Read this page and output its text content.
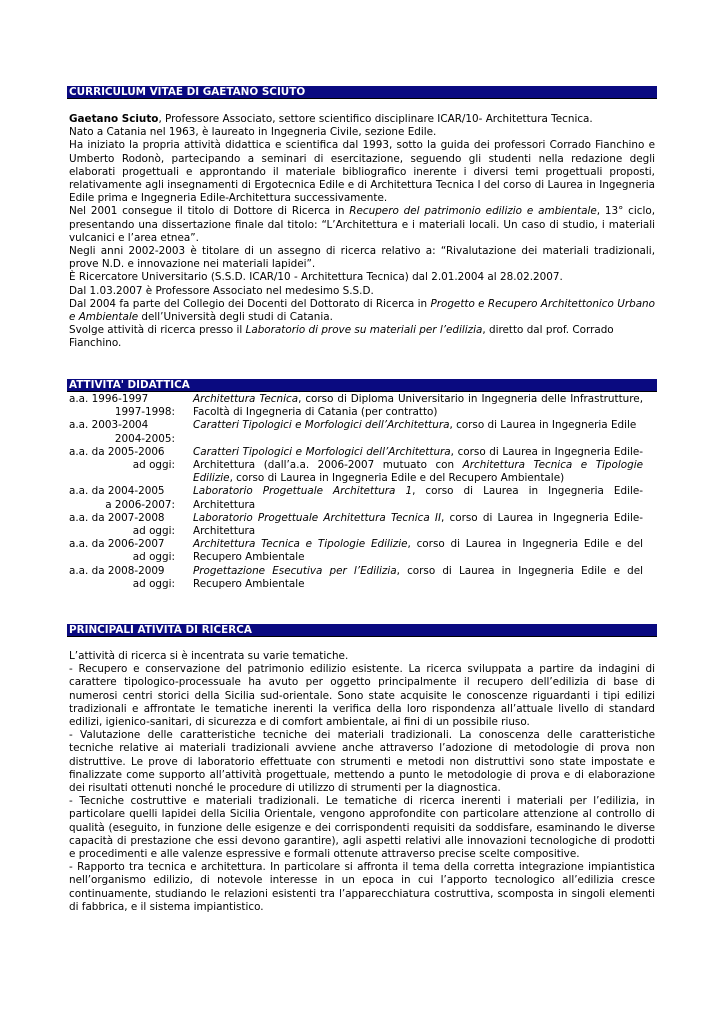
CURRICULUM VITAE DI GAETANO SCIUTO

Gaetano Sciuto, Professore Associato, settore scientifico disciplinare ICAR/10- Architettura Tecnica.

Nato a Catania nel 1963, è laureato in Ingegneria Civile, sezione Edile.

Ha iniziato la propria attività didattica e scientifica dal 1993, sotto la guida dei professori Corrado Fianchino e Umberto Rodonò, partecipando a seminari di esercitazione, seguendo gli studenti nella redazione degli elaborati progettuali e approntando il materiale bibliografico inerente i diversi temi progettuali proposti, relativamente agli insegnamenti di Ergotecnica Edile e di Architettura Tecnica I del corso di Laurea in Ingegneria Edile prima e Ingegneria Edile-Architettura successivamente.

Nel 2001 consegue il titolo di Dottore di Ricerca in Recupero del patrimonio edilizio e ambientale, 13° ciclo, presentando una dissertazione finale dal titolo: “L’Architettura e i materiali locali. Un caso di studio, i materiali vulcanici e l’area etnea”.

Negli anni 2002-2003 è titolare di un assegno di ricerca relativo a: “Rivalutazione dei materiali tradizionali, prove N.D. e innovazione nei materiali lapidei”.

È Ricercatore Universitario (S.S.D. ICAR/10 - Architettura Tecnica) dal 2.01.2004 al 28.02.2007.

Dal 1.03.2007 è Professore Associato nel medesimo S.S.D.

Dal 2004 fa parte del Collegio dei Docenti del Dottorato di Ricerca in Progetto e Recupero Architettonico Urbano e Ambientale dell’Università degli studi di Catania.

Svolge attività di ricerca presso il Laboratorio di prove su materiali per l’edilizia, diretto dal prof. Corrado Fianchino.

ATTIVITA' DIDATTICA
a.a. 1996-1997
1997-1998:
Architettura Tecnica, corso di Diploma Universitario in Ingegneria delle Infrastrutture, Facoltà di Ingegneria di Catania (per contratto)
a.a. 2003-2004
2004-2005:
Caratteri Tipologici e Morfologici dell’Architettura, corso di Laurea in Ingegneria Edile
a.a. da 2005-2006
ad oggi:
Caratteri Tipologici e Morfologici dell’Architettura, corso di Laurea in Ingegneria Edile-Architettura (dall’a.a. 2006-2007 mutuato con Architettura Tecnica e Tipologie Edilizie, corso di Laurea in Ingegneria Edile e del Recupero Ambientale)
a.a. da 2004-2005
a 2006-2007:
Laboratorio Progettuale Architettura 1, corso di Laurea in Ingegneria Edile-Architettura
a.a. da 2007-2008
ad oggi:
Laboratorio Progettuale Architettura Tecnica II, corso di Laurea in Ingegneria Edile-Architettura
a.a. da 2006-2007
ad oggi:
Architettura Tecnica e Tipologie Edilizie, corso di Laurea in Ingegneria Edile e del Recupero Ambientale
a.a. da 2008-2009
ad oggi:
Progettazione Esecutiva per l’Edilizia, corso di Laurea in Ingegneria Edile e del Recupero Ambientale
PRINCIPALI ATIVITÀ DI RICERCA

L’attività di ricerca si è incentrata su varie tematiche.

- Recupero e conservazione del patrimonio edilizio esistente. La ricerca sviluppata a partire da indagini di carattere tipologico-processuale ha avuto per oggetto principalmente il recupero dell’edilizia di base di numerosi centri storici della Sicilia sud-orientale. Sono state acquisite le conoscenze riguardanti i tipi edilizi tradizionali e affrontate le tematiche inerenti la verifica della loro rispondenza all’attuale livello di standard edilizi, igienico-sanitari, di sicurezza e di comfort ambientale, ai fini di un possibile riuso.

- Valutazione delle caratteristiche tecniche dei materiali tradizionali. La conoscenza delle caratteristiche tecniche relative ai materiali tradizionali avviene anche attraverso l’adozione di metodologie di prova non distruttive. Le prove di laboratorio effettuate con strumenti e metodi non distruttivi sono state impostate e finalizzate come supporto all’attività progettuale, mettendo a punto le metodologie di prova e di elaborazione dei risultati ottenuti nonché le procedure di utilizzo di strumenti per la diagnostica.

- Tecniche costruttive e materiali tradizionali. Le tematiche di ricerca inerenti i materiali per l’edilizia, in particolare quelli lapidei della Sicilia Orientale, vengono approfondite con particolare attenzione al controllo di qualità (eseguito, in funzione delle esigenze e dei corrispondenti requisiti da soddisfare, esaminando le diverse capacità di prestazione che essi devono garantire), agli aspetti relativi alle innovazioni tecnologiche di prodotti e procedimenti e alle valenze espressive e formali ottenute attraverso precise scelte compositive.

- Rapporto tra tecnica e architettura. In particolare si affronta il tema della corretta integrazione impiantistica nell’organismo edilizio, di notevole interesse in un epoca in cui l’apporto tecnologico all’edilizia cresce continuamente, studiando le relazioni esistenti tra l’apparecchiatura costruttiva, scomposta in singoli elementi di fabbrica, e il sistema impiantistico.
